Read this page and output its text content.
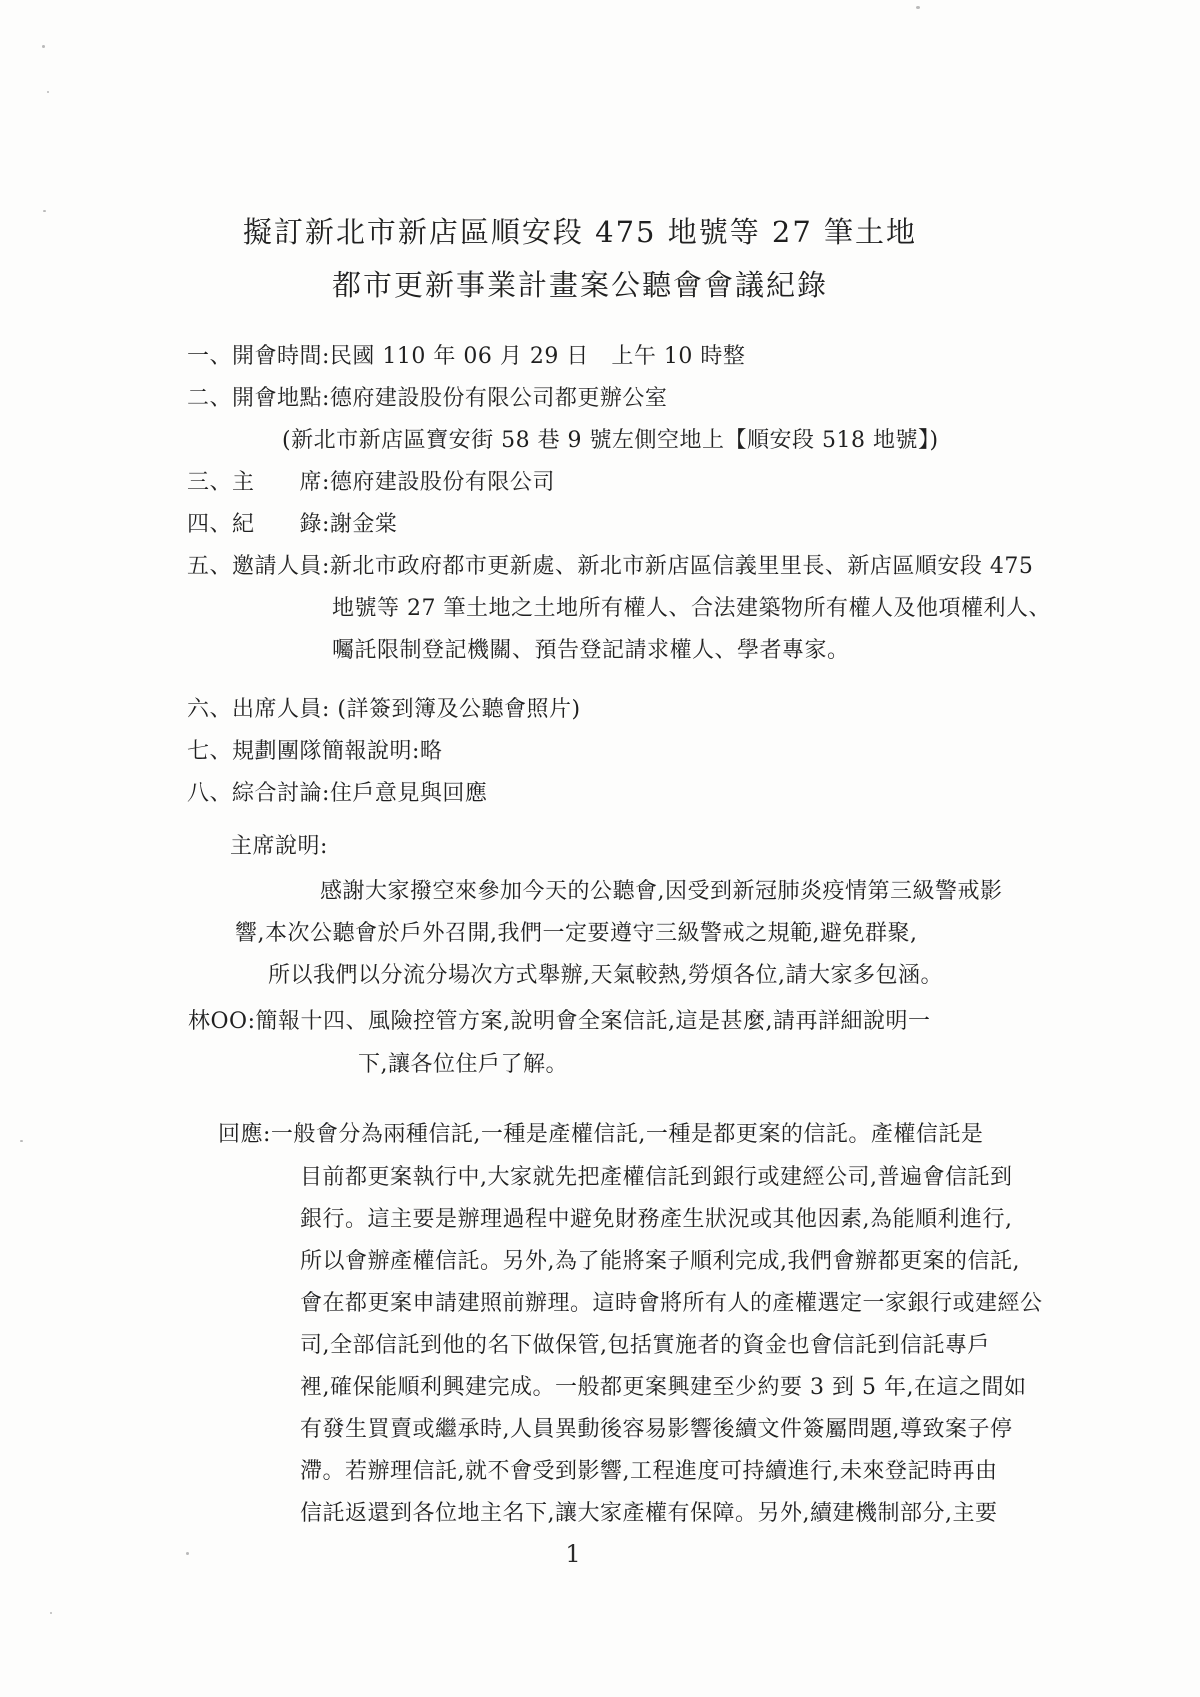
擬訂新北市新店區順安段 475 地號等 27 筆土地
都市更新事業計畫案公聽會會議紀錄
一、開會時間:民國 110 年 06 月 29 日　上午 10 時整
二、開會地點:德府建設股份有限公司都更辦公室
(新北市新店區寶安街 58 巷 9 號左側空地上【順安段 518 地號】)
三、主　　席:德府建設股份有限公司
四、紀　　錄:謝金棠
五、邀請人員:新北市政府都市更新處、新北市新店區信義里里長、新店區順安段 475
地號等 27 筆土地之土地所有權人、合法建築物所有權人及他項權利人、
囑託限制登記機關、預告登記請求權人、學者專家。
六、出席人員: (詳簽到簿及公聽會照片)
七、規劃團隊簡報說明:略
八、綜合討論:住戶意見與回應
主席說明:
感謝大家撥空來參加今天的公聽會,因受到新冠肺炎疫情第三級警戒影
響,本次公聽會於戶外召開,我們一定要遵守三級警戒之規範,避免群聚,
所以我們以分流分場次方式舉辦,天氣較熱,勞煩各位,請大家多包涵。
林OO:簡報十四、風險控管方案,說明會全案信託,這是甚麼,請再詳細說明一
下,讓各位住戶了解。
回應:一般會分為兩種信託,一種是產權信託,一種是都更案的信託。產權信託是
目前都更案執行中,大家就先把產權信託到銀行或建經公司,普遍會信託到
銀行。這主要是辦理過程中避免財務產生狀況或其他因素,為能順利進行,
所以會辦產權信託。另外,為了能將案子順利完成,我們會辦都更案的信託,
會在都更案申請建照前辦理。這時會將所有人的產權選定一家銀行或建經公
司,全部信託到他的名下做保管,包括實施者的資金也會信託到信託專戶
裡,確保能順利興建完成。一般都更案興建至少約要 3 到 5 年,在這之間如
有發生買賣或繼承時,人員異動後容易影響後續文件簽屬問題,導致案子停
滯。若辦理信託,就不會受到影響,工程進度可持續進行,未來登記時再由
信託返還到各位地主名下,讓大家產權有保障。另外,續建機制部分,主要
1
